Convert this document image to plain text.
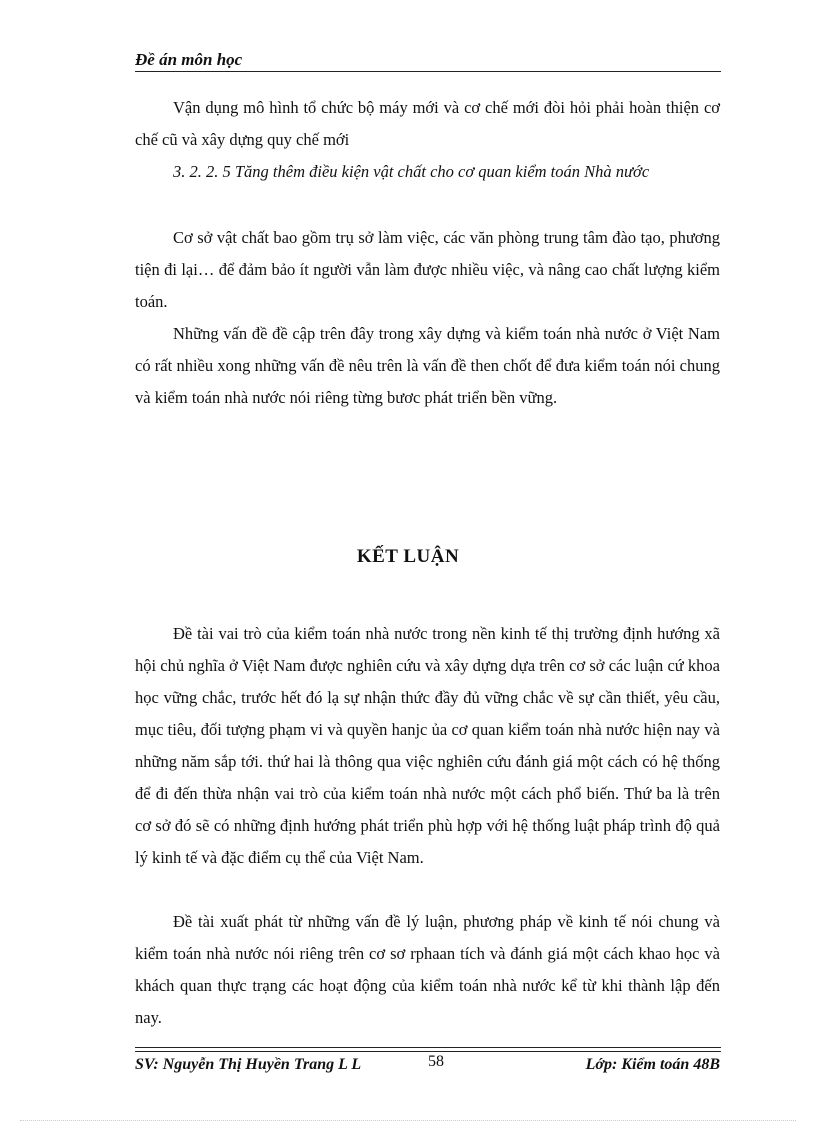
Đề án môn học

Vận dụng mô hình tổ chức bộ máy mới và cơ chế mới đòi hỏi phải hoàn thiện cơ chế cũ và xây dựng quy chế mới

3. 2. 2. 5 Tăng thêm điều kiện vật chất cho cơ quan kiểm toán Nhà nước

Cơ sở vật chất bao gồm trụ sở làm việc, các văn phòng trung tâm đào tạo, phương tiện đi lại… để đảm bảo ít người vẫn làm được nhiều việc, và nâng cao chất lượng kiểm toán.

Những vấn đề đề cập trên đây trong xây dựng và kiểm toán nhà nước ở Việt Nam có rất nhiều xong những vấn đề nêu trên là vấn đề then chốt để đưa kiểm toán nói chung và kiểm toán nhà nước nói riêng từng bươc phát triển bền vững.

KẾT LUẬN

Đề tài vai trò của kiểm toán nhà nước trong nền kinh tế thị trường định hướng xã hội chủ nghĩa ở Việt Nam được nghiên cứu và xây dựng dựa trên cơ sở các luận cứ khoa học vững chắc, trước hết đó lạ sự nhận thức đầy đủ vững chắc về sự cần thiết, yêu cầu, mục tiêu, đối tượng phạm vi và quyền hanjc ủa cơ quan kiểm toán nhà nước hiện nay và những năm sắp tới. thứ hai là thông qua việc nghiên cứu đánh giá một cách có hệ thống để đi đến thừa nhận vai trò của kiểm toán nhà nước một cách phổ biến. Thứ ba là trên cơ sở đó sẽ có những định hướng phát triển phù hợp với hệ thống luật pháp trình độ quả lý kinh tế và đặc điểm cụ thể của Việt Nam.

Đề tài xuất phát từ những vấn đề lý luận, phương pháp về kinh tế nói chung và kiểm toán nhà nước nói riêng trên cơ sơ rphaan tích và đánh giá một cách khao học và khách quan thực trạng các hoạt động của kiểm toán nhà nước kể từ khi thành lập đến nay.

SV: Nguyễn Thị Huyền Trang L L	58	Lớp: Kiểm toán 48B
